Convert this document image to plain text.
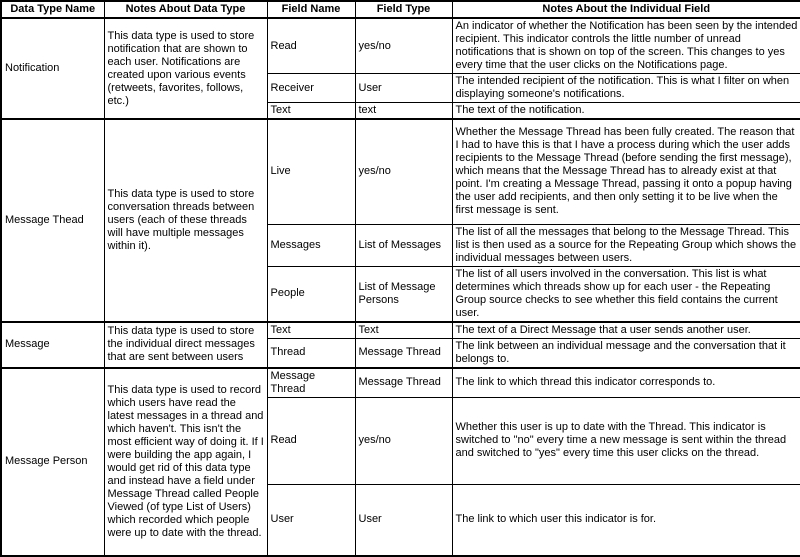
Data Type Name	Notes About Data Type	Field Name	Field Type	Notes About the Individual Field
Notification	This data type is used to store notification that are shown to each user. Notifications are created upon various events (retweets, favorites, follows, etc.)	Read	yes/no	An indicator of whether the Notification has been seen by the intended recipient. This indicator controls the little number of unread notifications that is shown on top of the screen. This changes to yes every time that the user clicks on the Notifications page.
		Receiver	User	The intended recipient of the notification. This is what I filter on when displaying someone's notifications.
		Text	text	The text of the notification.
Message Thead	This data type is used to store conversation threads between users (each of these threads will have multiple messages within it).	Live	yes/no	Whether the Message Thread has been fully created. The reason that I had to have this is that I have a process during which the user adds recipients to the Message Thread (before sending the first message), which means that the Message Thread has to already exist at that point. I'm creating a Message Thread, passing it onto a popup having the user add recipients, and then only setting it to be live when the first message is sent.
		Messages	List of Messages	The list of all the messages that belong to the Message Thread. This list is then used as a source for the Repeating Group which shows the individual messages between users.
		People	List of Message Persons	The list of all users involved in the conversation. This list is what determines which threads show up for each user - the Repeating Group source checks to see whether this field contains the current user.
Message	This data type is used to store the individual direct messages that are sent between users	Text	Text	The text of a Direct Message that a user sends another user.
		Thread	Message Thread	The link between an individual message and the conversation that it belongs to.
Message Person	This data type is used to record which users have read the latest messages in a thread and which haven't. This isn't the most efficient way of doing it. If I were building the app again, I would get rid of this data type and instead have a field under Message Thread called People Viewed (of type List of Users) which recorded which people were up to date with the thread.	Message Thread	Message Thread	The link to which thread this indicator corresponds to.
		Read	yes/no	Whether this user is up to date with the Thread. This indicator is switched to "no" every time a new message is sent within the thread and switched to "yes" every time this user clicks on the thread.
		User	User	The link to which user this indicator is for.
